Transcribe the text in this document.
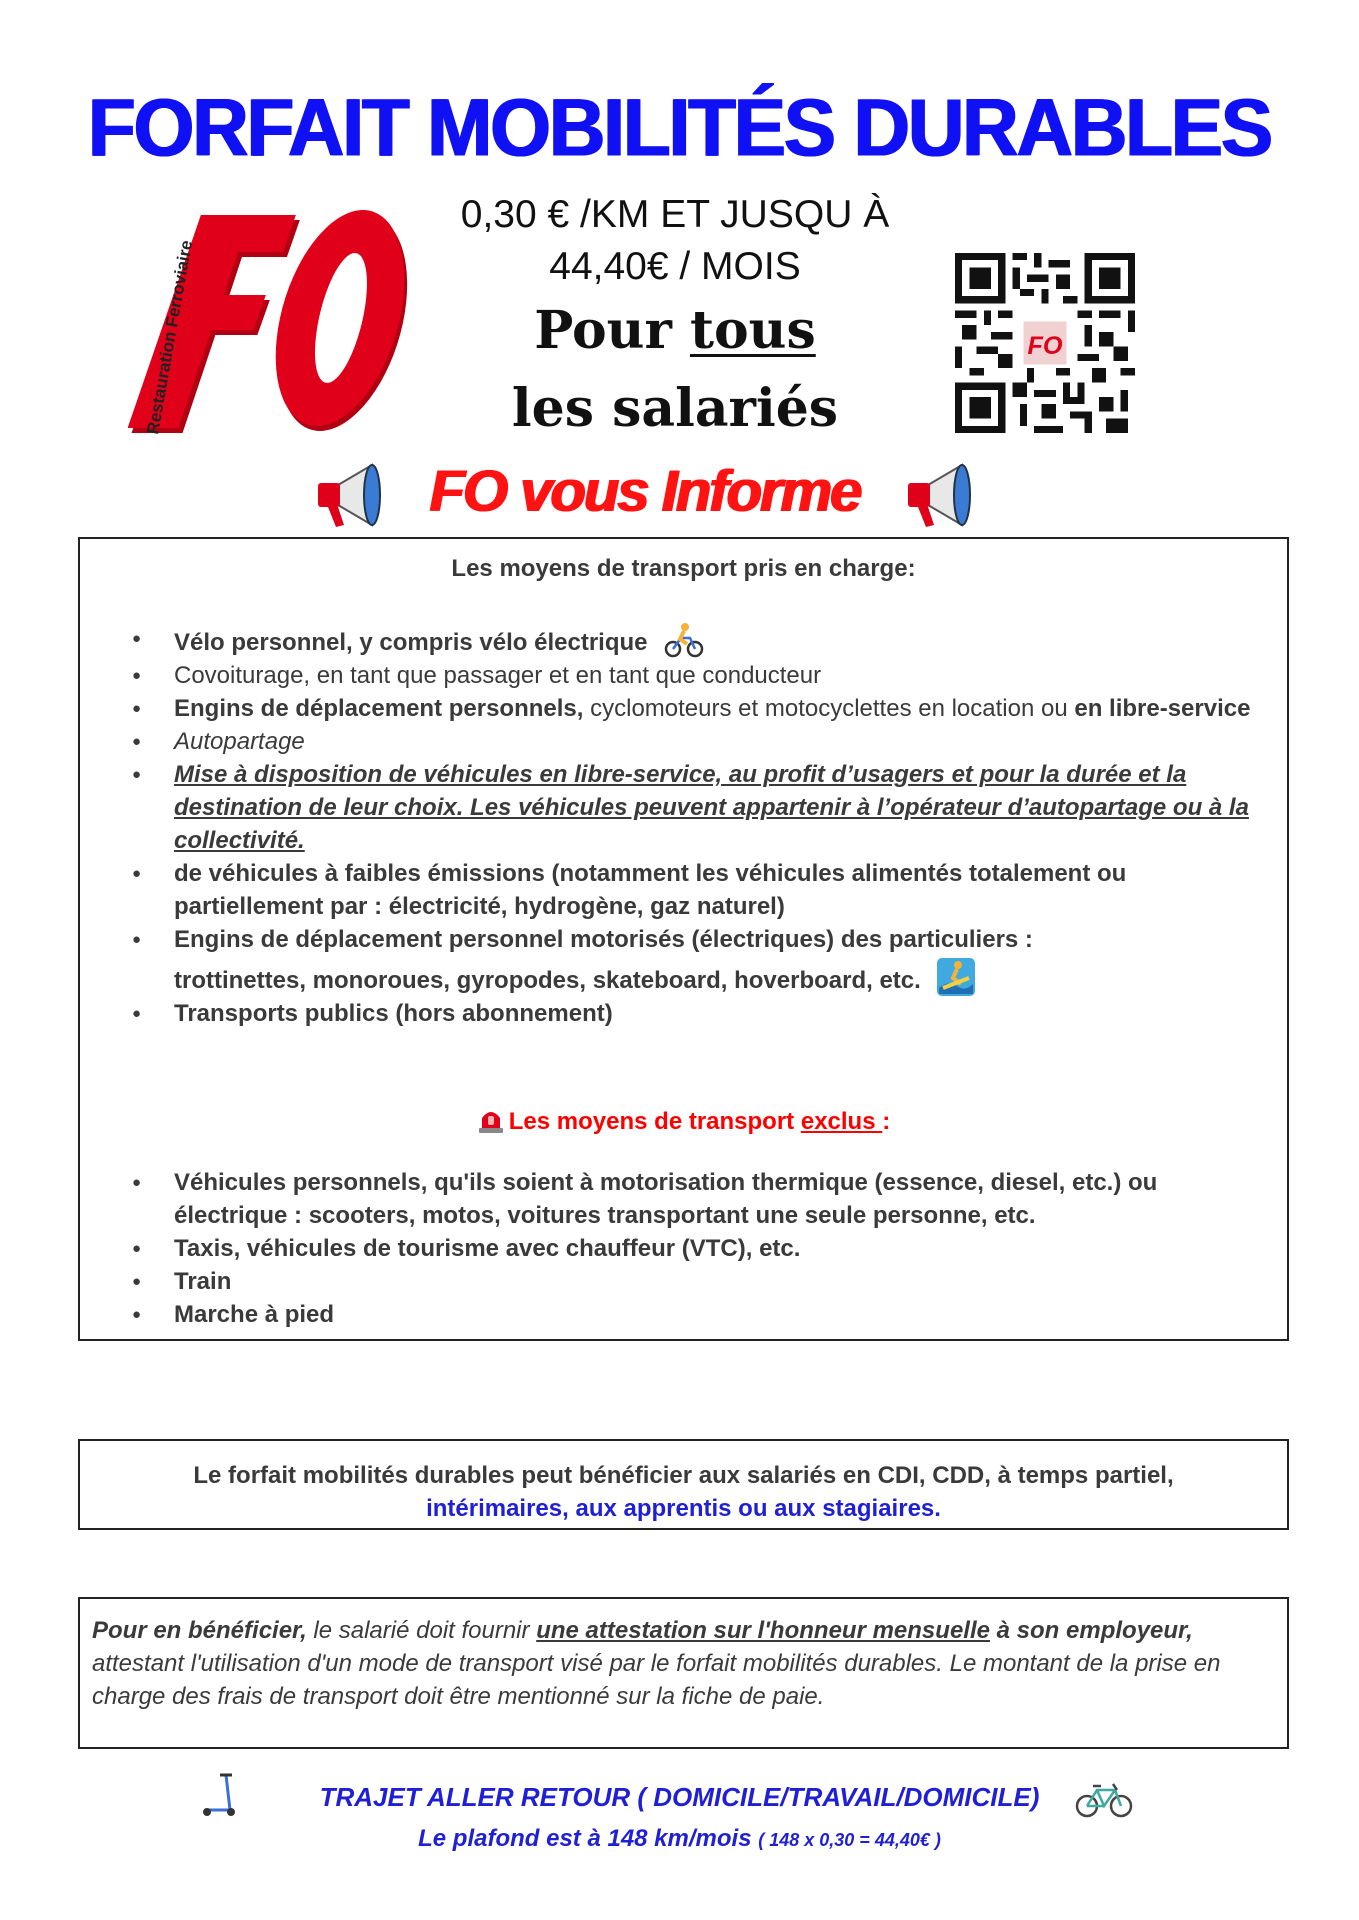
FORFAIT MOBILITÉS DURABLES
Restauration Ferroviaire
0,30 € /KM ET JUSQU À
44,40€ / MOIS
Pour tous
les salariés
FO
FO vous Informe
Les moyens de transport pris en charge:
● Vélo personnel, y compris vélo électrique
● Covoiturage, en tant que passager et en tant que conducteur
● Engins de déplacement personnels, cyclomoteurs et motocyclettes en location ou en libre-service
● Autopartage
● Mise à disposition de véhicules en libre-service, au profit d’usagers et pour la durée et la destination de leur choix. Les véhicules peuvent appartenir à l’opérateur d’autopartage ou à la collectivité.
● de véhicules à faibles émissions (notamment les véhicules alimentés totalement ou partiellement par : électricité, hydrogène, gaz naturel)
● Engins de déplacement personnel motorisés (électriques) des particuliers :
trottinettes, monoroues, gyropodes, skateboard, hoverboard, etc.
● Transports publics (hors abonnement)
Les moyens de transport exclus :
● Véhicules personnels, qu'ils soient à motorisation thermique (essence, diesel, etc.) ou électrique : scooters, motos, voitures transportant une seule personne, etc.
● Taxis, véhicules de tourisme avec chauffeur (VTC), etc.
● Train
● Marche à pied
Le forfait mobilités durables peut bénéficier aux salariés en CDI, CDD, à temps partiel,
intérimaires, aux apprentis ou aux stagiaires.
Pour en bénéficier, le salarié doit fournir une attestation sur l'honneur mensuelle à son employeur, attestant l'utilisation d'un mode de transport visé par le forfait mobilités durables. Le montant de la prise en charge des frais de transport doit être mentionné sur la fiche de paie.
TRAJET ALLER RETOUR ( DOMICILE/TRAVAIL/DOMICILE)
Le plafond est à 148 km/mois ( 148 x 0,30 = 44,40€ )
